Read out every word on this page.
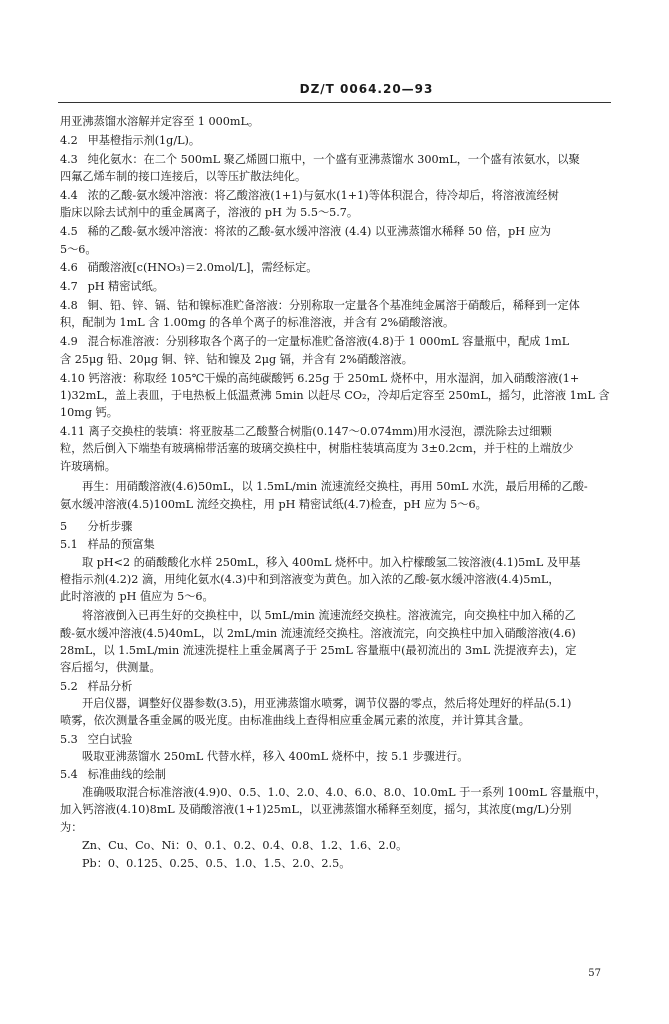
DZ/T 0064.20—93

用亚沸蒸馏水溶解并定容至 1 000mL。

4.2 甲基橙指示剂(1g/L)。

4.3 纯化氨水：在二个 500mL 聚乙烯圆口瓶中，一个盛有亚沸蒸馏水 300mL，一个盛有浓氨水，以聚

四氟乙烯车制的接口连接后，以等压扩散法纯化。

4.4 浓的乙酸-氨水缓冲溶液：将乙酸溶液(1+1)与氨水(1+1)等体积混合，待冷却后，将溶液流经树

脂床以除去试剂中的重金属离子，溶液的 pH 为 5.5～5.7。

4.5 稀的乙酸-氨水缓冲溶液：将浓的乙酸-氨水缓冲溶液 (4.4) 以亚沸蒸馏水稀释 50 倍，pH 应为

5～6。

4.6 硝酸溶液[c(HNO₃)＝2.0mol/L]，需经标定。

4.7 pH 精密试纸。

4.8 铜、铅、锌、镉、钴和镍标准贮备溶液：分别称取一定量各个基准纯金属溶于硝酸后，稀释到一定体

积，配制为 1mL 含 1.00mg 的各单个离子的标准溶液，并含有 2%硝酸溶液。

4.9 混合标准溶液：分别移取各个离子的一定量标准贮备溶液(4.8)于 1 000mL 容量瓶中，配成 1mL

含 25μg 铅、20μg 铜、锌、钴和镍及 2μg 镉，并含有 2%硝酸溶液。

4.10 钙溶液：称取经 105℃干燥的高纯碳酸钙 6.25g 于 250mL 烧杯中，用水湿润，加入硝酸溶液(1+

1)32mL，盖上表皿，于电热板上低温煮沸 5min 以赶尽 CO₂，冷却后定容至 250mL，摇匀，此溶液 1mL 含

10mg 钙。

4.11 离子交换柱的装填：将亚胺基二乙酸螯合树脂(0.147～0.074mm)用水浸泡，漂洗除去过细颗

粒，然后倒入下端垫有玻璃棉带活塞的玻璃交换柱中，树脂柱装填高度为 3±0.2cm，并于柱的上端放少

许玻璃棉。

再生：用硝酸溶液(4.6)50mL，以 1.5mL/min 流速流经交换柱，再用 50mL 水洗，最后用稀的乙酸-

氨水缓冲溶液(4.5)100mL 流经交换柱，用 pH 精密试纸(4.7)检查，pH 应为 5～6。

5 分析步骤

5.1 样品的预富集

取 pH<2 的硝酸酸化水样 250mL，移入 400mL 烧杯中。加入柠檬酸氢二铵溶液(4.1)5mL 及甲基

橙指示剂(4.2)2 滴，用纯化氨水(4.3)中和到溶液变为黄色。加入浓的乙酸-氨水缓冲溶液(4.4)5mL，

此时溶液的 pH 值应为 5～6。

将溶液倒入已再生好的交换柱中，以 5mL/min 流速流经交换柱。溶液流完，向交换柱中加入稀的乙

酸-氨水缓冲溶液(4.5)40mL，以 2mL/min 流速流经交换柱。溶液流完，向交换柱中加入硝酸溶液(4.6)

28mL，以 1.5mL/min 流速洗提柱上重金属离子于 25mL 容量瓶中(最初流出的 3mL 洗提液弃去)，定

容后摇匀，供测量。

5.2 样品分析

开启仪器，调整好仪器参数(3.5)，用亚沸蒸馏水喷雾，调节仪器的零点，然后将处理好的样品(5.1)

喷雾，依次测量各重金属的吸光度。由标准曲线上查得相应重金属元素的浓度，并计算其含量。

5.3 空白试验

吸取亚沸蒸馏水 250mL 代替水样，移入 400mL 烧杯中，按 5.1 步骤进行。

5.4 标准曲线的绘制

准确吸取混合标准溶液(4.9)0、0.5、1.0、2.0、4.0、6.0、8.0、10.0mL 于一系列 100mL 容量瓶中，

加入钙溶液(4.10)8mL 及硝酸溶液(1+1)25mL，以亚沸蒸馏水稀释至刻度，摇匀，其浓度(mg/L)分别

为：

Zn、Cu、Co、Ni：0、0.1、0.2、0.4、0.8、1.2、1.6、2.0。

Pb：0、0.125、0.25、0.5、1.0、1.5、2.0、2.5。

57
